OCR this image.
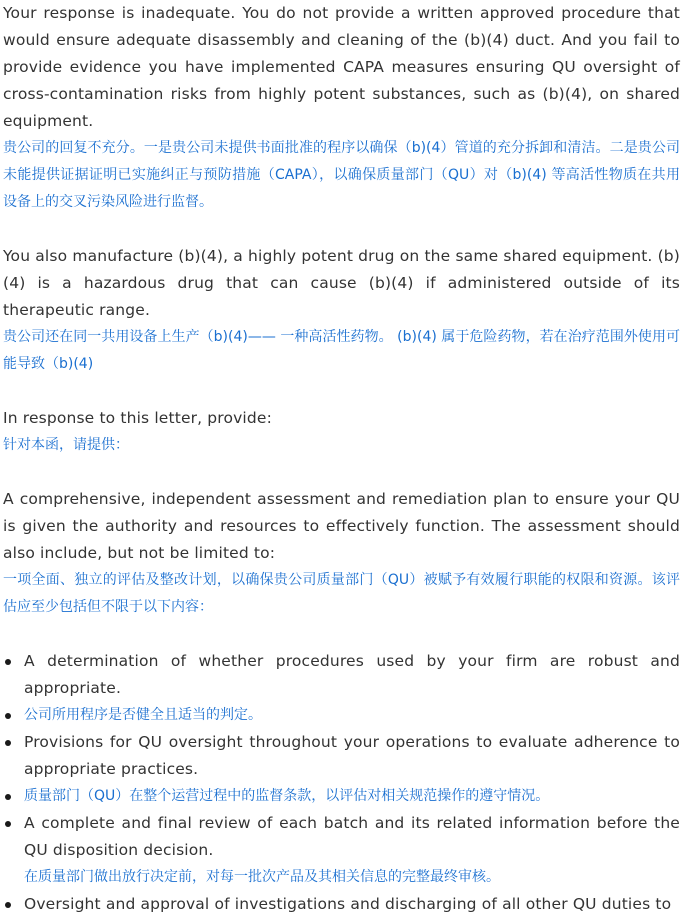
Your response is inadequate. You do not provide a written approved procedure that would ensure adequate disassembly and cleaning of the (b)(4) duct. And you fail to provide evidence you have implemented CAPA measures ensuring QU oversight of cross-contamination risks from highly potent substances, such as (b)(4), on shared equipment.

贵公司的回复不充分。一是贵公司未提供书面批准的程序以确保（b)(4）管道的充分拆卸和清洁。二是贵公司未能提供证据证明已实施纠正与预防措施（CAPA），以确保质量部门（QU）对（b)(4) 等高活性物质在共用设备上的交叉污染风险进行监督。

You also manufacture (b)(4), a highly potent drug on the same shared equipment. (b)(4) is a hazardous drug that can cause (b)(4) if administered outside of its therapeutic range.

贵公司还在同一共用设备上生产（b)(4)—— 一种高活性药物。 (b)(4) 属于危险药物，若在治疗范围外使用可能导致（b)(4)

In response to this letter, provide:

针对本函，请提供：

A comprehensive, independent assessment and remediation plan to ensure your QU is given the authority and resources to effectively function. The assessment should also include, but not be limited to:

一项全面、独立的评估及整改计划，以确保贵公司质量部门（QU）被赋予有效履行职能的权限和资源。该评估应至少包括但不限于以下内容：

A determination of whether procedures used by your firm are robust and appropriate.

公司所用程序是否健全且适当的判定。

Provisions for QU oversight throughout your operations to evaluate adherence to appropriate practices.

质量部门（QU）在整个运营过程中的监督条款，以评估对相关规范操作的遵守情况。

A complete and final review of each batch and its related information before the QU disposition decision.

在质量部门做出放行决定前，对每一批次产品及其相关信息的完整最终审核。

Oversight and approval of investigations and discharging of all other QU duties to
